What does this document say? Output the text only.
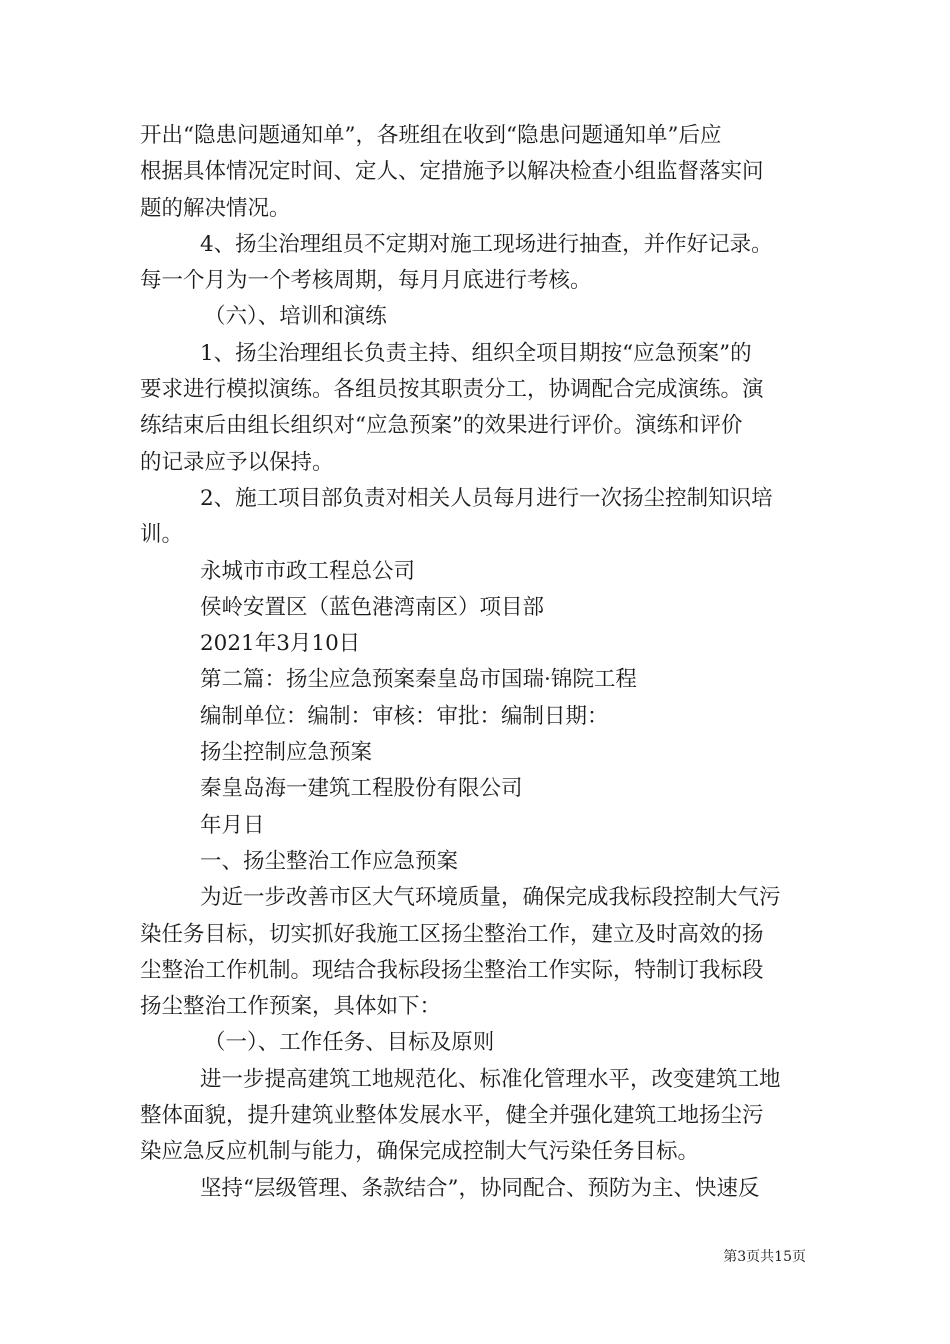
开出“隐患问题通知单”，各班组在收到“隐患问题通知单”后应
根据具体情况定时间、定人、定措施予以解决检查小组监督落实问
题的解决情况。
4、扬尘治理组员不定期对施工现场进行抽查，并作好记录。
每一个月为一个考核周期，每月月底进行考核。
（六）、培训和演练
1、扬尘治理组长负责主持、组织全项目期按“应急预案”的
要求进行模拟演练。各组员按其职责分工，协调配合完成演练。演
练结束后由组长组织对“应急预案”的效果进行评价。演练和评价
的记录应予以保持。
2、施工项目部负责对相关人员每月进行一次扬尘控制知识培
训。
永城市市政工程总公司
侯岭安置区（蓝色港湾南区）项目部
2021年3月10日
第二篇：扬尘应急预案秦皇岛市国瑞·锦院工程
编制单位：编制：审核：审批：编制日期：
扬尘控制应急预案
秦皇岛海一建筑工程股份有限公司
年月日
一、扬尘整治工作应急预案
为近一步改善市区大气环境质量，确保完成我标段控制大气污
染任务目标，切实抓好我施工区扬尘整治工作，建立及时高效的扬
尘整治工作机制。现结合我标段扬尘整治工作实际，特制订我标段
扬尘整治工作预案，具体如下：
（一）、工作任务、目标及原则
进一步提高建筑工地规范化、标准化管理水平，改变建筑工地
整体面貌，提升建筑业整体发展水平，健全并强化建筑工地扬尘污
染应急反应机制与能力，确保完成控制大气污染任务目标。
坚持“层级管理、条款结合”，协同配合、预防为主、快速反
第3页共15页
